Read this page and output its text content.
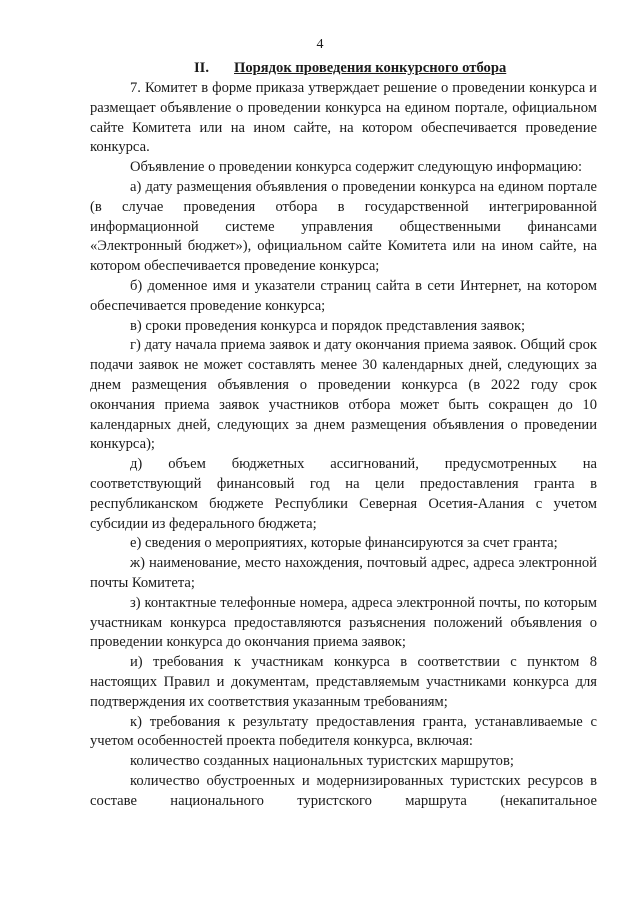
4

II. Порядок проведения конкурсного отбора

7. Комитет в форме приказа утверждает решение о проведении конкурса и размещает объявление о проведении конкурса на едином портале, официальном сайте Комитета или на ином сайте, на котором обеспечивается проведение конкурса.

Объявление о проведении конкурса содержит следующую информацию:

а) дату размещения объявления о проведении конкурса на едином портале (в случае проведения отбора в государственной интегрированной информационной системе управления общественными финансами «Электронный бюджет»), официальном сайте Комитета или на ином сайте, на котором обеспечивается проведение конкурса;

б) доменное имя и указатели страниц сайта в сети Интернет, на котором обеспечивается проведение конкурса;

в) сроки проведения конкурса и порядок представления заявок;

г) дату начала приема заявок и дату окончания приема заявок. Общий срок подачи заявок не может составлять менее 30 календарных дней, следующих за днем размещения объявления о проведении конкурса (в 2022 году срок окончания приема заявок участников отбора может быть сокращен до 10 календарных дней, следующих за днем размещения объявления о проведении конкурса);

д) объем бюджетных ассигнований, предусмотренных на соответствующий финансовый год на цели предоставления гранта в республиканском бюджете Республики Северная Осетия-Алания с учетом субсидии из федерального бюджета;

е) сведения о мероприятиях, которые финансируются за счет гранта;

ж) наименование, место нахождения, почтовый адрес, адреса электронной почты Комитета;

з) контактные телефонные номера, адреса электронной почты, по которым участникам конкурса предоставляются разъяснения положений объявления о проведении конкурса до окончания приема заявок;

и) требования к участникам конкурса в соответствии с пунктом 8 настоящих Правил и документам, представляемым участниками конкурса для подтверждения их соответствия указанным требованиям;

к) требования к результату предоставления гранта, устанавливаемые с учетом особенностей проекта победителя конкурса, включая:

количество созданных национальных туристских маршрутов;

количество обустроенных и модернизированных туристских ресурсов в составе национального туристского маршрута (некапитальное
